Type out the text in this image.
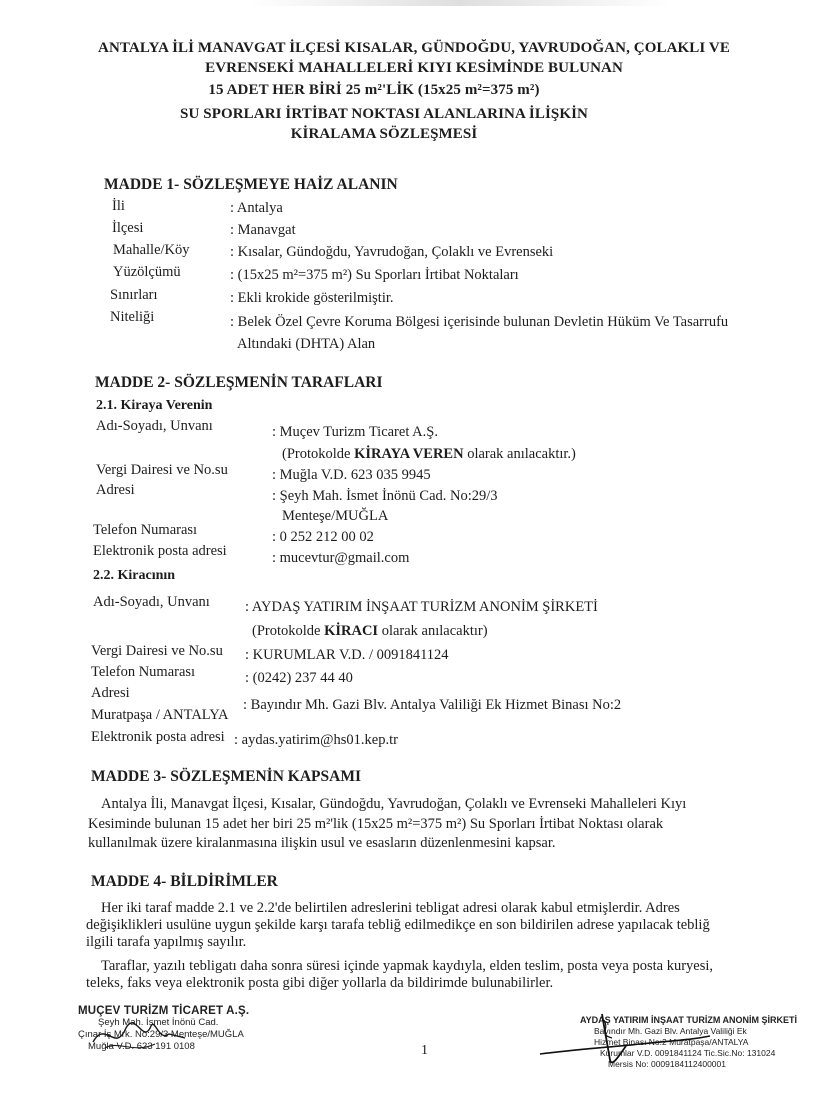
ANTALYA İLİ MANAVGAT İLÇESİ KISALAR, GÜNDOĞDU, YAVRUDOĞAN, ÇOLAKLI VE
EVRENSEKİ MAHALLELERİ KIYI KESİMİNDE BULUNAN
15 ADET HER BİRİ 25 m²'LİK (15x25 m²=375 m²)
SU SPORLARI İRTİBAT NOKTASI ALANLARINA İLİŞKİN
KİRALAMA SÖZLEŞMESİ
MADDE 1- SÖZLEŞMEYE HAİZ ALANIN
İli	: Antalya
İlçesi	: Manavgat
Mahalle/Köy	: Kısalar, Gündoğdu, Yavrudoğan, Çolaklı ve Evrenseki
Yüzölçümü	: (15x25 m²=375 m²) Su Sporları İrtibat Noktaları
Sınırları	: Ekli krokide gösterilmiştir.
Niteliği	: Belek Özel Çevre Koruma Bölgesi içerisinde bulunan Devletin Hüküm Ve Tasarrufu
Altındaki (DHTA) Alan
MADDE 2- SÖZLEŞMENİN TARAFLARI
2.1. Kiraya Verenin
Adı-Soyadı, Unvanı	: Muçev Turizm Ticaret A.Ş.
(Protokolde KİRAYA VEREN olarak anılacaktır.)
Vergi Dairesi ve No.su	: Muğla V.D. 623 035 9945
Adresi	: Şeyh Mah. İsmet İnönü Cad. No:29/3
Menteşe/MUĞLA
Telefon Numarası	: 0 252 212 00 02
Elektronik posta adresi	: mucevtur@gmail.com
2.2. Kiracının
Adı-Soyadı, Unvanı : AYDAŞ YATIRIM İNŞAAT TURİZM ANONİM ŞİRKETİ
(Protokolde KİRACI olarak anılacaktır)
Vergi Dairesi ve No.su : KURUMLAR V.D. / 0091841124
Telefon Numarası	: (0242) 237 44 40
Adresi
: Bayındır Mh. Gazi Blv. Antalya Valiliği Ek Hizmet Binası No:2
Muratpaşa / ANTALYA
Elektronik posta adresi : aydas.yatirim@hs01.kep.tr
MADDE 3- SÖZLEŞMENİN KAPSAMI
Antalya İli, Manavgat İlçesi, Kısalar, Gündoğdu, Yavrudoğan, Çolaklı ve Evrenseki Mahalleleri Kıyı
Kesiminde bulunan 15 adet her biri 25 m²'lik (15x25 m²=375 m²) Su Sporları İrtibat Noktası olarak
kullanılmak üzere kiralanmasına ilişkin usul ve esasların düzenlenmesini kapsar.
MADDE 4- BİLDİRİMLER
Her iki taraf madde 2.1 ve 2.2'de belirtilen adreslerini tebligat adresi olarak kabul etmişlerdir. Adres
değişiklikleri usulüne uygun şekilde karşı tarafa tebliğ edilmedikçe en son bildirilen adrese yapılacak tebliğ
ilgili tarafa yapılmış sayılır.
Taraflar, yazılı tebligatı daha sonra süresi içinde yapmak kaydıyla, elden teslim, posta veya posta kuryesi,
teleks, faks veya elektronik posta gibi diğer yollarla da bildirimde bulunabilirler.
MUÇEV TURİZM TİCARET A.Ş.
Şeyh Mah. İsmet İnönü Cad.
Çınar İş Mrk. No:29/3 Menteşe/MUĞLA
Muğla V.D. 623 191 0108	1
AYDAŞ YATIRIM İNŞAAT TURİZM ANONİM ŞİRKETİ
Bayındır Mh. Gazi Blv. Antalya Valiliği Ek
Hizmet Binası No:2 Muratpaşa/ANTALYA
Kurumlar V.D. 0091841124 Tic.Sic.No: 131024
Mersis No: 0009184112400001
